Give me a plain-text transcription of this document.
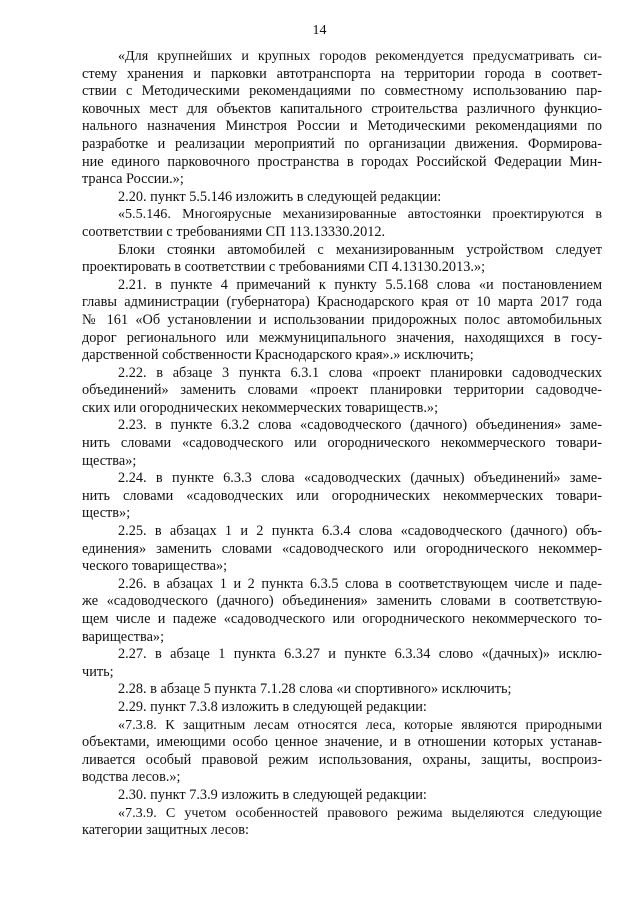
14
«Для крупнейших и крупных городов рекомендуется предусматривать си-
стему хранения и парковки автотранспорта на территории города в соответ-
ствии с Методическими рекомендациями по совместному использованию пар-
ковочных мест для объектов капитального строительства различного функцио-
нального назначения Минстроя России и Методическими рекомендациями по
разработке и реализации мероприятий по организации движения. Формирова-
ние единого парковочного пространства в городах Российской Федерации Мин-
транса России.»;
2.20. пункт 5.5.146 изложить в следующей редакции:
«5.5.146. Многоярусные механизированные автостоянки проектируются в
соответствии с требованиями СП 113.13330.2012.
Блоки стоянки автомобилей с механизированным устройством следует
проектировать в соответствии с требованиями СП 4.13130.2013.»;
2.21. в пункте 4 примечаний к пункту 5.5.168 слова «и постановлением
главы администрации (губернатора) Краснодарского края от 10 марта 2017 года
№ 161 «Об установлении и использовании придорожных полос автомобильных
дорог регионального или межмуниципального значения, находящихся в госу-
дарственной собственности Краснодарского края».» исключить;
2.22. в абзаце 3 пункта 6.3.1 слова «проект планировки садоводческих
объединений» заменить словами «проект планировки территории садоводче-
ских или огороднических некоммерческих товариществ.»;
2.23. в пункте 6.3.2 слова «садоводческого (дачного) объединения» заме-
нить словами «садоводческого или огороднического некоммерческого товари-
щества»;
2.24. в пункте 6.3.3 слова «садоводческих (дачных) объединений» заме-
нить словами «садоводческих или огороднических некоммерческих товари-
ществ»;
2.25. в абзацах 1 и 2 пункта 6.3.4 слова «садоводческого (дачного) объ-
единения» заменить словами «садоводческого или огороднического некоммер-
ческого товарищества»;
2.26. в абзацах 1 и 2 пункта 6.3.5 слова в соответствующем числе и паде-
же «садоводческого (дачного) объединения» заменить словами в соответствую-
щем числе и падеже «садоводческого или огороднического некоммерческого то-
варищества»;
2.27. в абзаце 1 пункта 6.3.27 и пункте 6.3.34 слово «(дачных)» исклю-
чить;
2.28. в абзаце 5 пункта 7.1.28 слова «и спортивного» исключить;
2.29. пункт 7.3.8 изложить в следующей редакции:
«7.3.8. К защитным лесам относятся леса, которые являются природными
объектами, имеющими особо ценное значение, и в отношении которых устанав-
ливается особый правовой режим использования, охраны, защиты, воспроиз-
водства лесов.»;
2.30. пункт 7.3.9 изложить в следующей редакции:
«7.3.9. С учетом особенностей правового режима выделяются следующие
категории защитных лесов:
